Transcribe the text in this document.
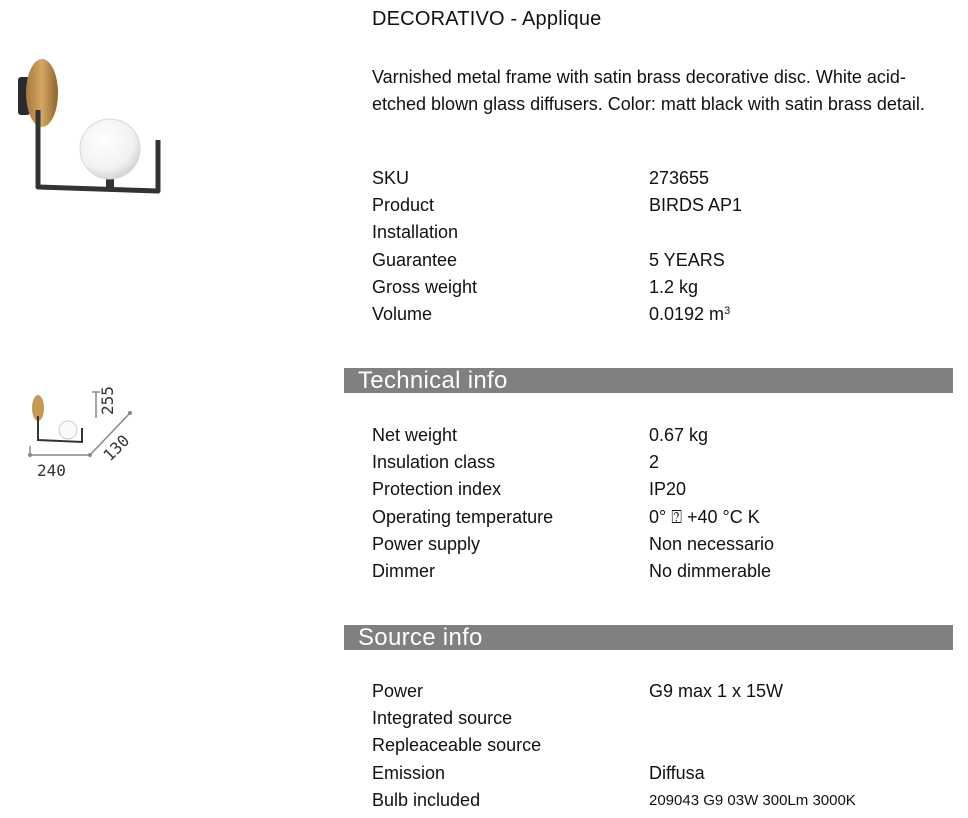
240
255
130
DECORATIVO - Applique
Varnished metal frame with satin brass decorative disc. White acid-etched blown glass diffusers. Color: matt black with satin brass detail.
SKU	273655
Product	BIRDS AP1
Installation
Guarantee	5 YEARS
Gross weight	1.2 kg
Volume	0.0192 $m^3$
Technical info
Net weight	0.67 kg
Insulation class	2
Protection index	IP20
Operating temperature	0° ⍰ +40 °C K
Power supply	Non necessario
Dimmer	No dimmerable
Source info
Power	G9 max 1 x 15W
Integrated source
Repleaceable source
Emission	Diffusa
Bulb included	209043 G9 03W 300Lm 3000K
